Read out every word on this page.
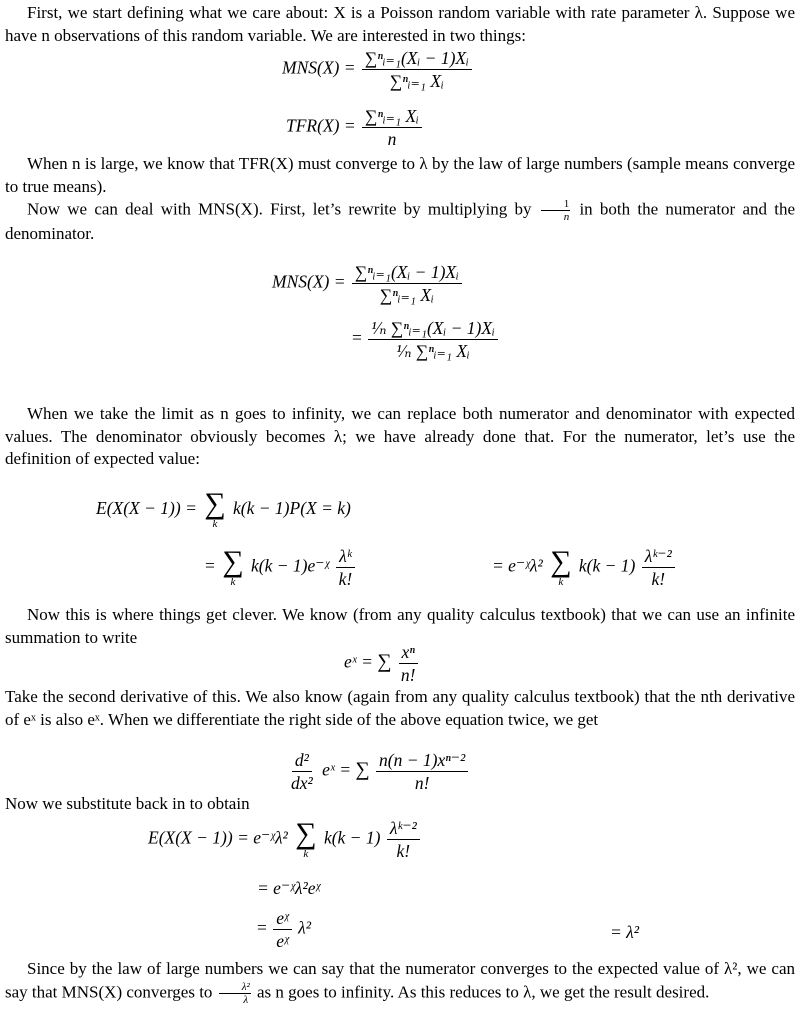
First, we start defining what we care about: X is a Poisson random variable with rate parameter λ. Suppose we have n observations of this random variable. We are interested in two things:

$MNS(X) = \frac{\text{∑ⁿᵢ₌₁(Xᵢ − 1)Xᵢ}}{\text{∑ⁿᵢ₌₁ Xᵢ}}$
$TFR(X) = \frac{\text{∑ⁿᵢ₌₁ Xᵢ}}{n}$

When n is large, we know that TFR(X) must converge to λ by the law of large numbers (sample means converge to true means).

Now we can deal with MNS(X). First, let’s rewrite by multiplying by $\frac{1}{n}$ in both the numerator and the denominator.

$MNS(X) = \frac{\text{∑ⁿᵢ₌₁(Xᵢ − 1)Xᵢ}}{\text{∑ⁿᵢ₌₁ Xᵢ}}$
= $\frac{\text{¹⁄ₙ ∑ⁿᵢ₌₁(Xᵢ − 1)Xᵢ}}{\text{¹⁄ₙ ∑ⁿᵢ₌₁ Xᵢ}}$

When we take the limit as n goes to infinity, we can replace both numerator and denominator with expected values. The denominator obviously becomes λ; we have already done that. For the numerator, let’s use the definition of expected value:

E(X(X − 1)) = ∑
k
k(k − 1)P(X = k)
= ∑
k
k(k − 1)e⁻ᵡ $\frac{\text{λᵏ}}{k!}$	= e⁻ᵡλ² ∑
k
$k(k - 1) \frac{\text{λᵏ⁻²}}{k!}$

Now this is where things get clever. We know (from any quality calculus textbook) that we can use an infinite summation to write

eˣ = ∑ $\frac{\text{xⁿ}}{n!}$

Take the second derivative of this. We also know (again from any quality calculus textbook) that the nth derivative of eˣ is also eˣ. When we differentiate the right side of the above equation twice, we get

$\frac{\text{d²}}{\text{dx²}}$ eˣ = ∑ $\frac{\text{n(n − 1)xⁿ⁻²}}{n!}$

Now we substitute back in to obtain

E(X(X − 1)) = e⁻ᵡλ² ∑
k
$k(k - 1) \frac{\text{λᵏ⁻²}}{k!}$
= e⁻ᵡλ²eᵡ
= $\frac{\text{eᵡ}}{\text{eᵡ}} \lambda^2$	= λ²

Since by the law of large numbers we can say that the numerator converges to the expected value of λ², we can say that MNS(X) converges to $\frac{\text{λ²}}{\lambda}$ as n goes to infinity. As this reduces to λ, we get the result desired.
